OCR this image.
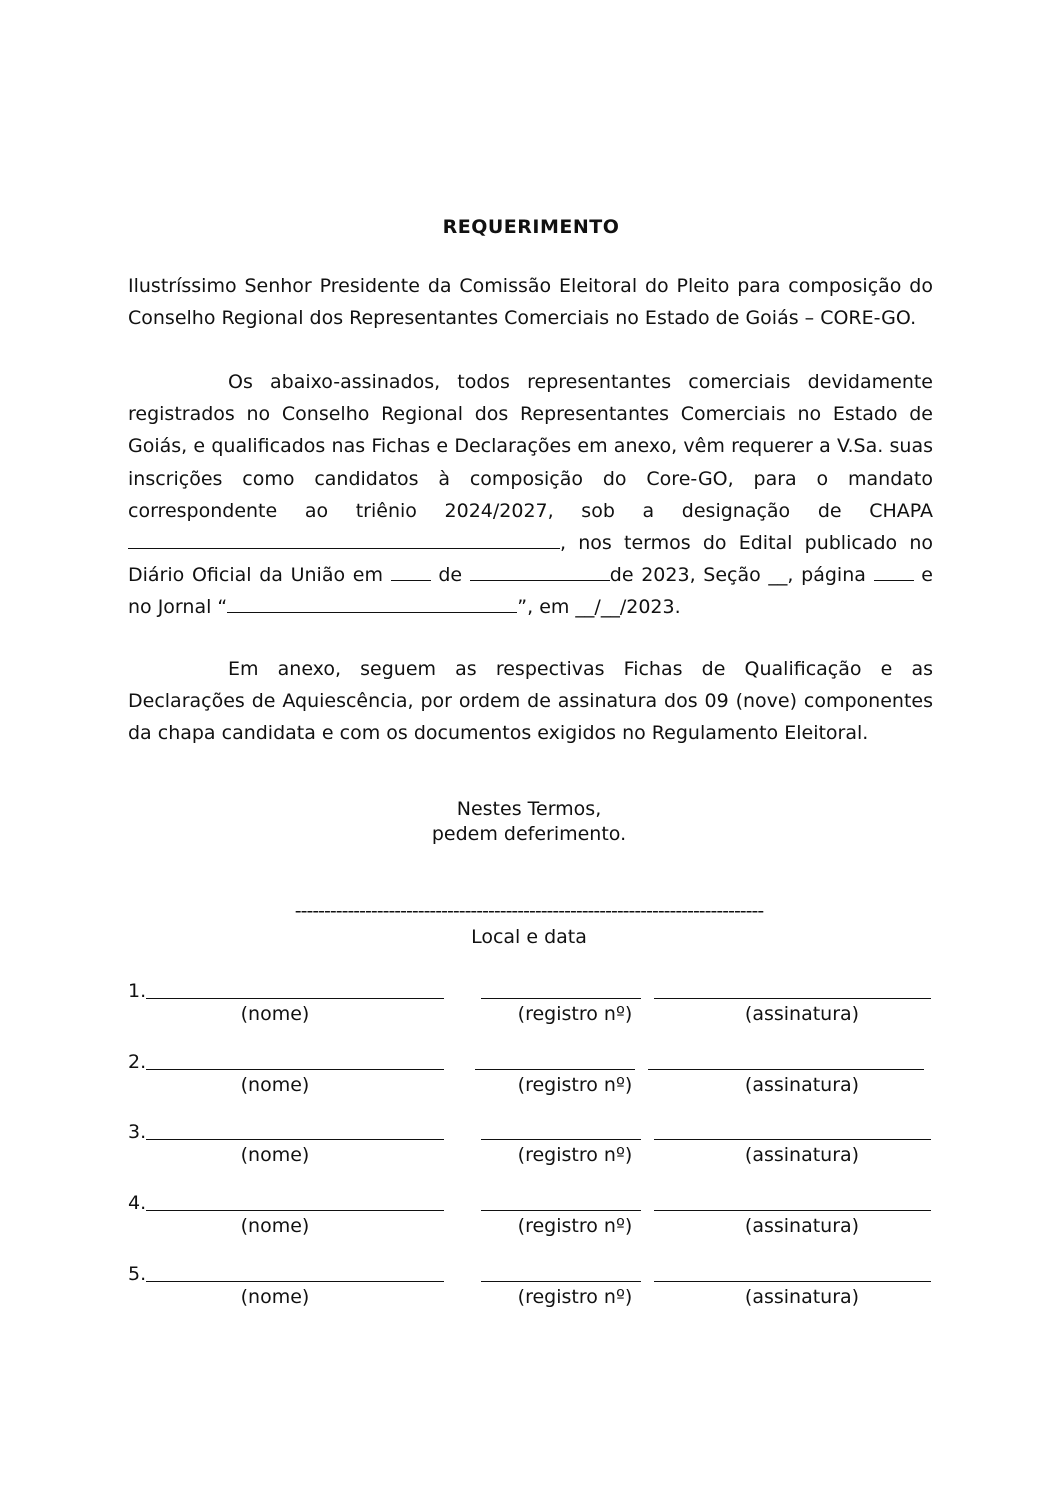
REQUERIMENTO
Ilustríssimo Senhor Presidente da Comissão Eleitoral do Pleito para composição do Conselho Regional dos Representantes Comerciais no Estado de Goiás – CORE-GO.
Os abaixo-assinados, todos representantes comerciais devidamente registrados no Conselho Regional dos Representantes Comerciais no Estado de Goiás, e qualificados nas Fichas e Declarações em anexo, vêm requerer a V.Sa. suas inscrições como candidatos à composição do Core-GO, para o mandato correspondente ao triênio 2024/2027, sob a designação de CHAPA , nos termos do Edital publicado no Diário Oficial da União em	de	de 2023, Seção __, página	e no Jornal “	”, em __/__/2023.
Em anexo, seguem as respectivas Fichas de Qualificação e as Declarações de Aquiescência, por ordem de assinatura dos 09 (nove) componentes da chapa candidata e com os documentos exigidos no Regulamento Eleitoral.
Nestes Termos,
pedem deferimento.
--------------------------------------------------------------------------------
Local e data
1.
(nome)	(registro nº)	(assinatura)
2.
(nome)	(registro nº)	(assinatura)
3.
(nome)	(registro nº)	(assinatura)
4.
(nome)	(registro nº)	(assinatura)
5.
(nome)	(registro nº)	(assinatura)
